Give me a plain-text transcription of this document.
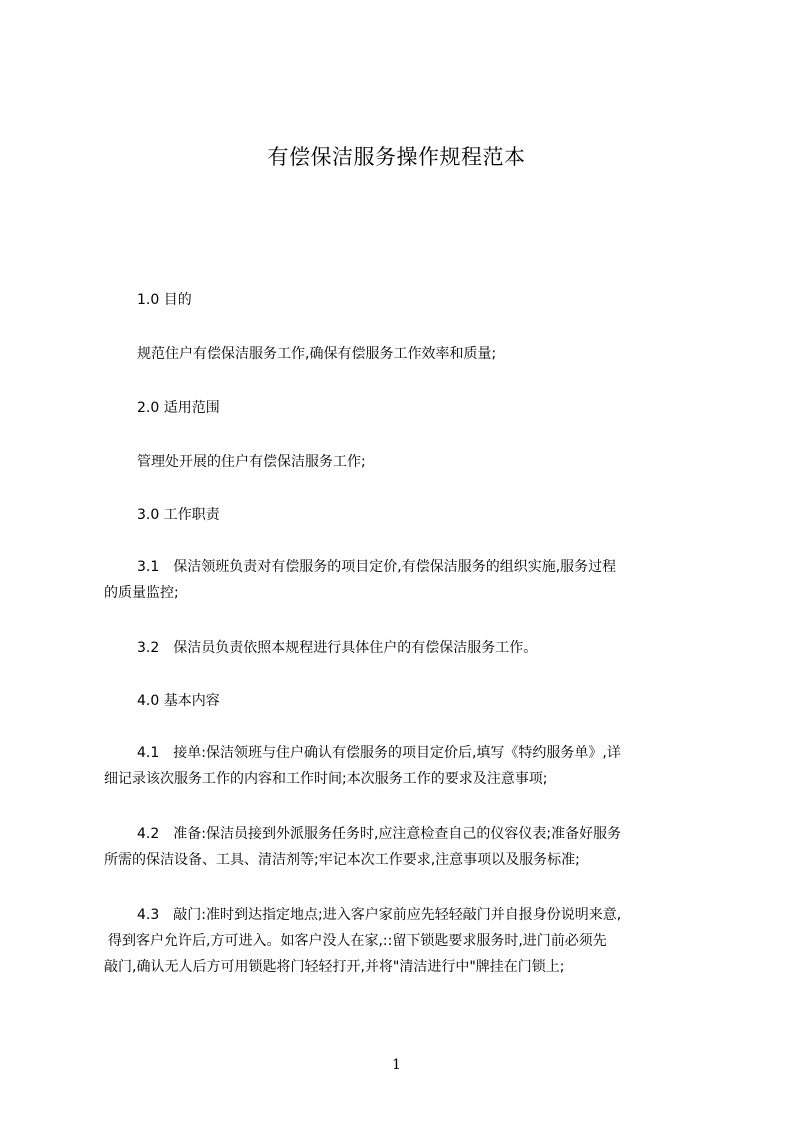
有偿保洁服务操作规程范本
1.0 目的
规范住户有偿保洁服务工作,确保有偿服务工作效率和质量;
2.0 适用范围
管理处开展的住户有偿保洁服务工作;
3.0 工作职责
3.1　保洁领班负责对有偿服务的项目定价,有偿保洁服务的组织实施,服务过程
的质量监控;
3.2　保洁员负责依照本规程进行具体住户的有偿保洁服务工作。
4.0 基本内容
4.1　接单:保洁领班与住户确认有偿服务的项目定价后,填写《特约服务单》,详
细记录该次服务工作的内容和工作时间;本次服务工作的要求及注意事项;
4.2　准备:保洁员接到外派服务任务时,应注意检查自己的仪容仪表;准备好服务
所需的保洁设备、工具、清洁剂等;牢记本次工作要求,注意事项以及服务标准;
4.3　敲门:准时到达指定地点;进入客户家前应先轻轻敲门并自报身份说明来意,
得到客户允许后,方可进入。如客户没人在家,::留下锁匙要求服务时,进门前必须先
敲门,确认无人后方可用锁匙将门轻轻打开,并将"清洁进行中"牌挂在门锁上;
1
